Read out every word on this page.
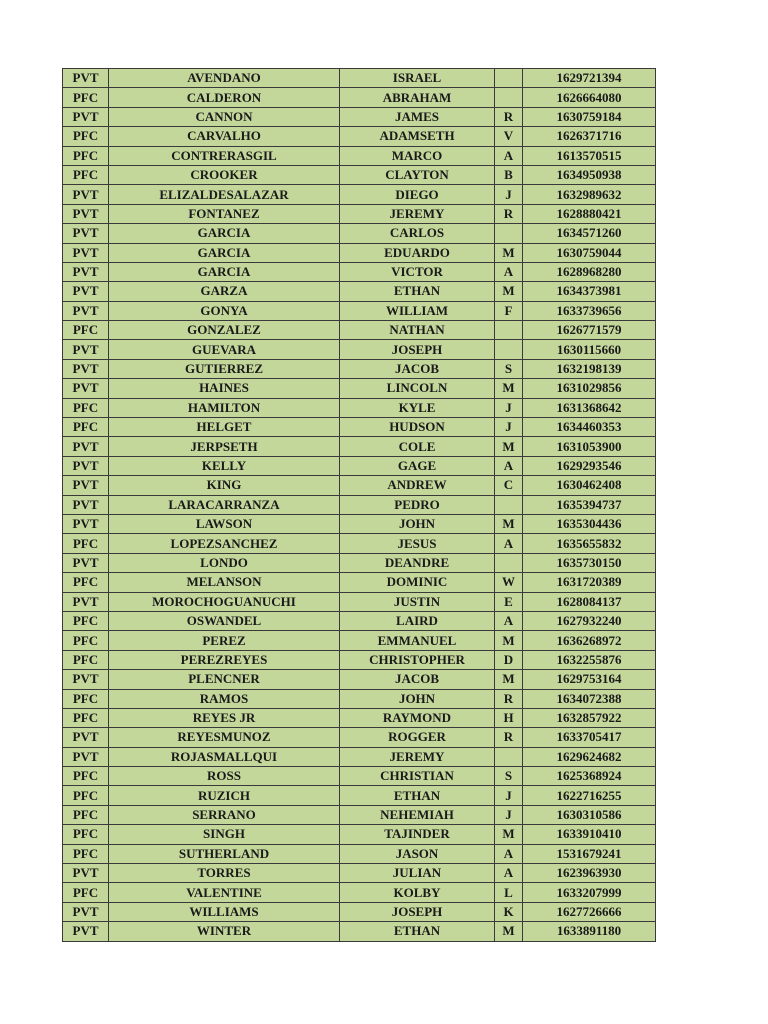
PVT	AVENDANO	ISRAEL		1629721394
PFC	CALDERON	ABRAHAM		1626664080
PVT	CANNON	JAMES	R	1630759184
PFC	CARVALHO	ADAMSETH	V	1626371716
PFC	CONTRERASGIL	MARCO	A	1613570515
PFC	CROOKER	CLAYTON	B	1634950938
PVT	ELIZALDESALAZAR	DIEGO	J	1632989632
PVT	FONTANEZ	JEREMY	R	1628880421
PVT	GARCIA	CARLOS		1634571260
PVT	GARCIA	EDUARDO	M	1630759044
PVT	GARCIA	VICTOR	A	1628968280
PVT	GARZA	ETHAN	M	1634373981
PVT	GONYA	WILLIAM	F	1633739656
PFC	GONZALEZ	NATHAN		1626771579
PVT	GUEVARA	JOSEPH		1630115660
PVT	GUTIERREZ	JACOB	S	1632198139
PVT	HAINES	LINCOLN	M	1631029856
PFC	HAMILTON	KYLE	J	1631368642
PFC	HELGET	HUDSON	J	1634460353
PVT	JERPSETH	COLE	M	1631053900
PVT	KELLY	GAGE	A	1629293546
PVT	KING	ANDREW	C	1630462408
PVT	LARACARRANZA	PEDRO		1635394737
PVT	LAWSON	JOHN	M	1635304436
PFC	LOPEZSANCHEZ	JESUS	A	1635655832
PVT	LONDO	DEANDRE		1635730150
PFC	MELANSON	DOMINIC	W	1631720389
PVT	MOROCHOGUANUCHI	JUSTIN	E	1628084137
PFC	OSWANDEL	LAIRD	A	1627932240
PFC	PEREZ	EMMANUEL	M	1636268972
PFC	PEREZREYES	CHRISTOPHER	D	1632255876
PVT	PLENCNER	JACOB	M	1629753164
PFC	RAMOS	JOHN	R	1634072388
PFC	REYES JR	RAYMOND	H	1632857922
PVT	REYESMUNOZ	ROGGER	R	1633705417
PVT	ROJASMALLQUI	JEREMY		1629624682
PFC	ROSS	CHRISTIAN	S	1625368924
PFC	RUZICH	ETHAN	J	1622716255
PFC	SERRANO	NEHEMIAH	J	1630310586
PFC	SINGH	TAJINDER	M	1633910410
PFC	SUTHERLAND	JASON	A	1531679241
PVT	TORRES	JULIAN	A	1623963930
PFC	VALENTINE	KOLBY	L	1633207999
PVT	WILLIAMS	JOSEPH	K	1627726666
PVT	WINTER	ETHAN	M	1633891180
